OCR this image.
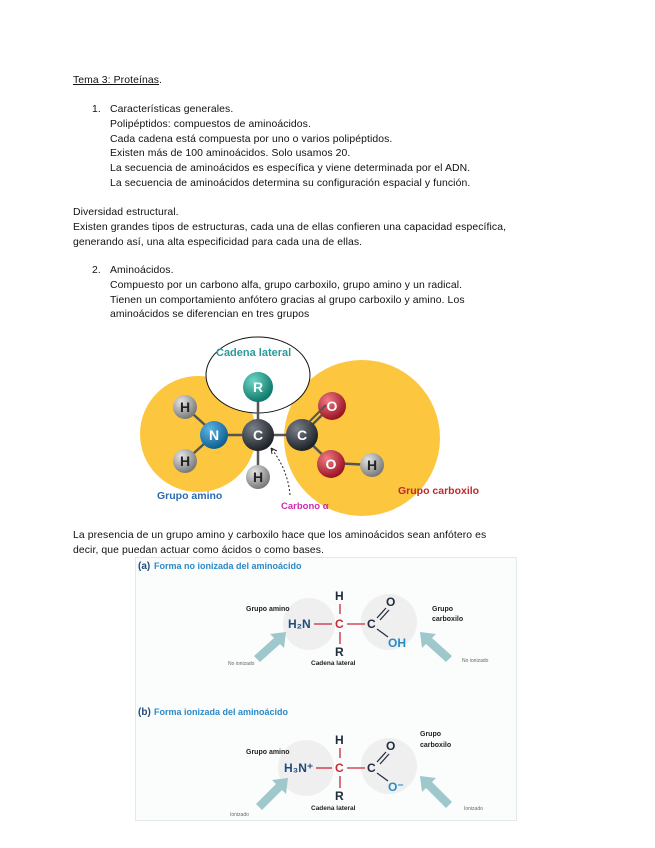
Tema 3: Proteínas.
1. Características generales.
Polipéptidos: compuestos de aminoácidos.
Cada cadena está compuesta por uno o varios polipéptidos.
Existen más de 100 aminoácidos. Solo usamos 20.
La secuencia de aminoácidos es específica y viene determinada por el ADN.
La secuencia de aminoácidos determina su configuración espacial y función.
Diversidad estructural.
Existen grandes tipos de estructuras, cada una de ellas confieren una capacidad específica,
generando así, una alta especificidad para cada una de ellas.
2. Aminoácidos.
Compuesto por un carbono alfa, grupo carboxilo, grupo amino y un radical.
Tienen un comportamiento anfótero gracias al grupo carboxilo y amino. Los
aminoácidos se diferencian en tres grupos
Cadena lateral
R
H
H
N C
H
C
O
O H
Carbono α
Grupo amino	Grupo carboxilo
La presencia de un grupo amino y carboxilo hace que los aminoácidos sean anfótero es
decir, que puedan actuar como ácidos o como bases.
(a) Forma no ionizada del aminoácido
H₂N C
H
R
C
O
OH
Grupo amino	Grupo
carboxilo
Cadena lateral
No ionizado	No ionizado
(b) Forma ionizada del aminoácido
H₃N⁺ C
H
R
C
O
O⁻
Grupo amino
Grupo
carboxilo
Cadena lateral
Ionizado
Ionizado
